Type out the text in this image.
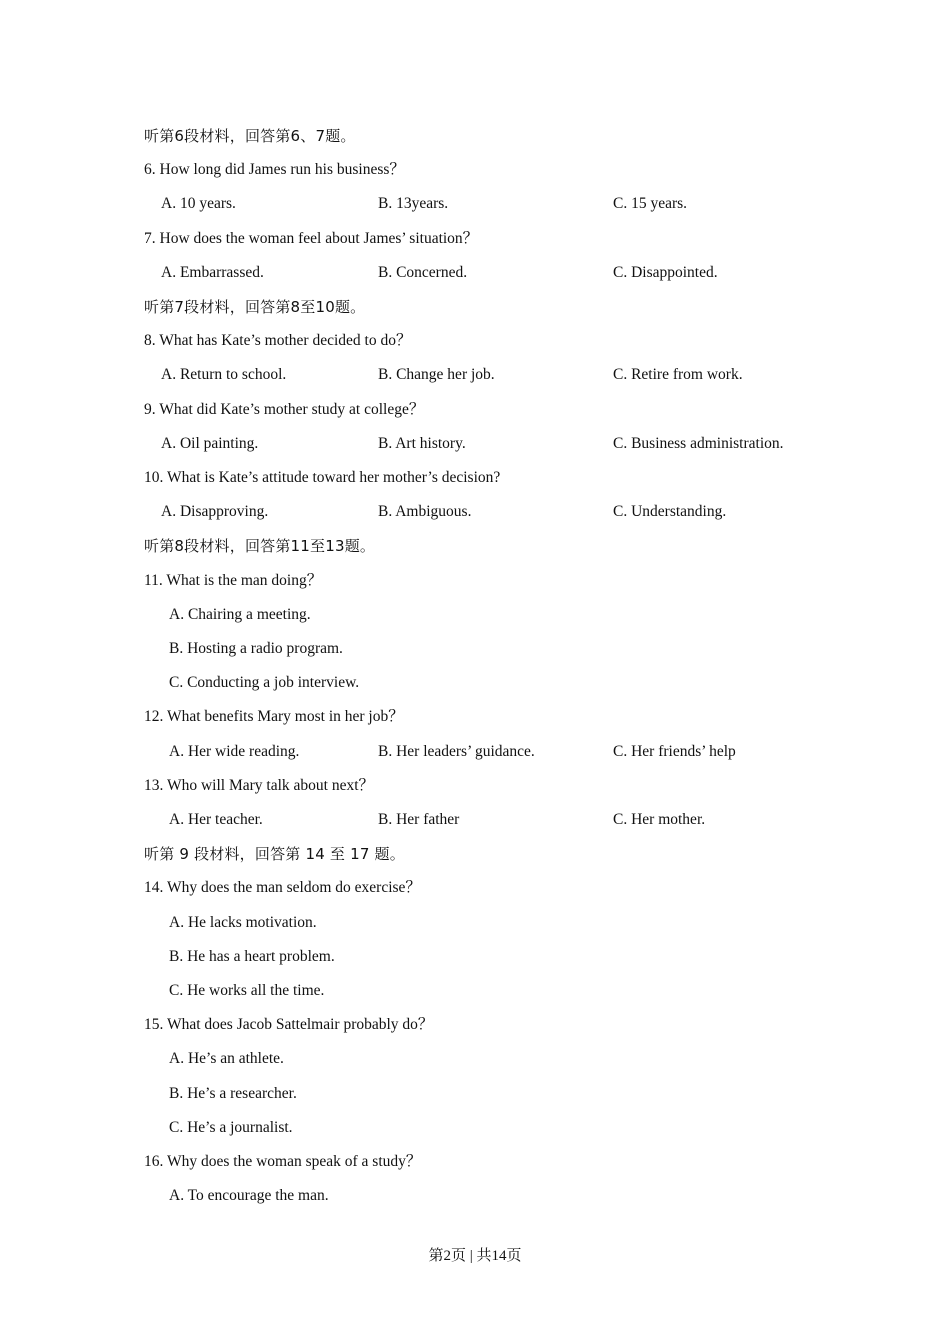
听第6段材料，回答第6、7题。
6. How long did James run his business？
A. 10 years.	B. 13years.	C. 15 years.
7. How does the woman feel about James’ situation？
A. Embarrassed.	B. Concerned.	C. Disappointed.
听第7段材料，回答第8至10题。
8. What has Kate’s mother decided to do？
A. Return to school.	B. Change her job.	C. Retire from work.
9. What did Kate’s mother study at college？
A. Oil painting.	B. Art history.	C. Business administration.
10. What is Kate’s attitude toward her mother’s decision?
A. Disapproving.	B. Ambiguous.	C. Understanding.
听第8段材料，回答第11至13题。
11. What is the man doing？
A. Chairing a meeting.
B. Hosting a radio program.
C. Conducting a job interview.
12. What benefits Mary most in her job？
A. Her wide reading.	B. Her leaders’ guidance.	C. Her friends’ help
13. Who will Mary talk about next？
A. Her teacher.	B. Her father	C. Her mother.
听第 9 段材料，回答第 14 至 17 题。
14. Why does the man seldom do exercise？
A. He lacks motivation.
B. He has a heart problem.
C. He works all the time.
15. What does Jacob Sattelmair probably do？
A. He’s an athlete.
B. He’s a researcher.
C. He’s a journalist.
16. Why does the woman speak of a study？
A. To encourage the man.
第2页 | 共14页
